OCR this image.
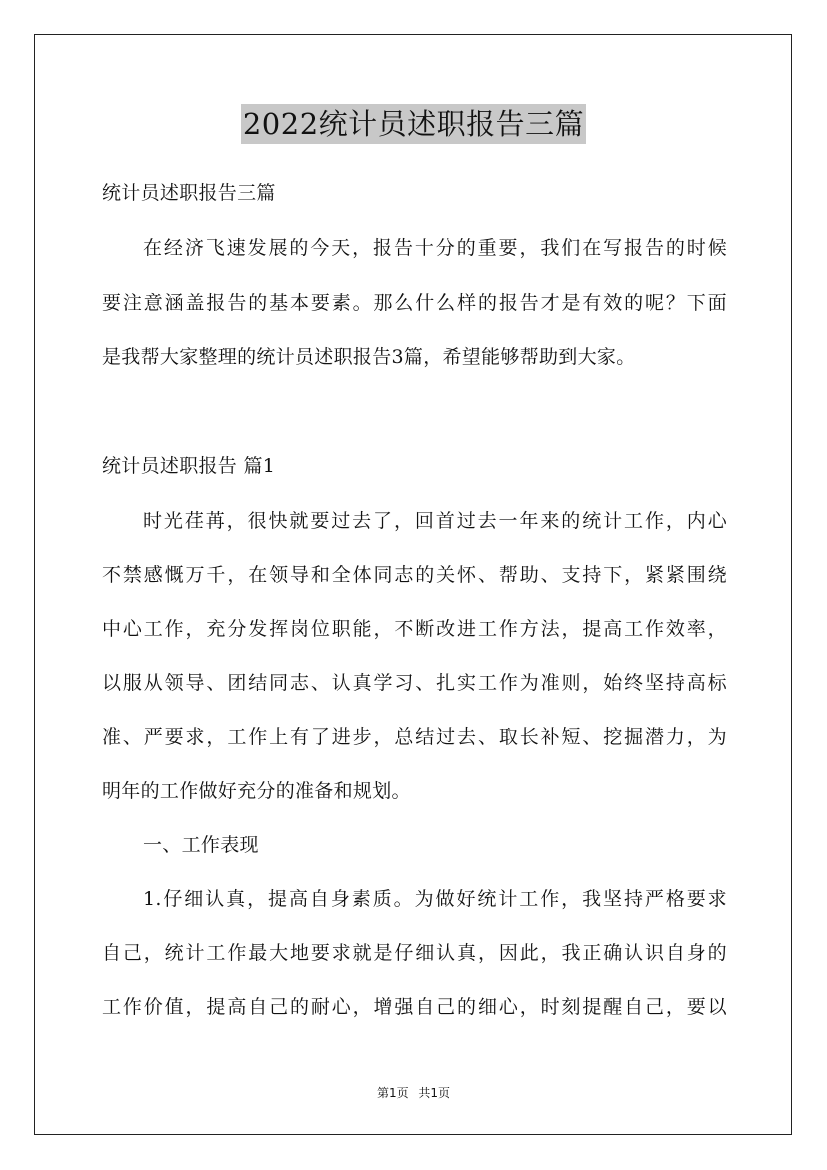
2022统计员述职报告三篇
统计员述职报告三篇
在经济飞速发展的今天，报告十分的重要，我们在写报告的时候
要注意涵盖报告的基本要素。那么什么样的报告才是有效的呢？下面
是我帮大家整理的统计员述职报告3篇，希望能够帮助到大家。
统计员述职报告 篇1
时光荏苒，很快就要过去了，回首过去一年来的统计工作，内心
不禁感慨万千，在领导和全体同志的关怀、帮助、支持下，紧紧围绕
中心工作，充分发挥岗位职能，不断改进工作方法，提高工作效率，
以服从领导、团结同志、认真学习、扎实工作为准则，始终坚持高标
准、严要求，工作上有了进步，总结过去、取长补短、挖掘潜力，为
明年的工作做好充分的准备和规划。
一、工作表现
1.仔细认真，提高自身素质。为做好统计工作，我坚持严格要求
自己，统计工作最大地要求就是仔细认真，因此，我正确认识自身的
工作价值，提高自己的耐心，增强自己的细心，时刻提醒自己，要以
第1页 共1页
